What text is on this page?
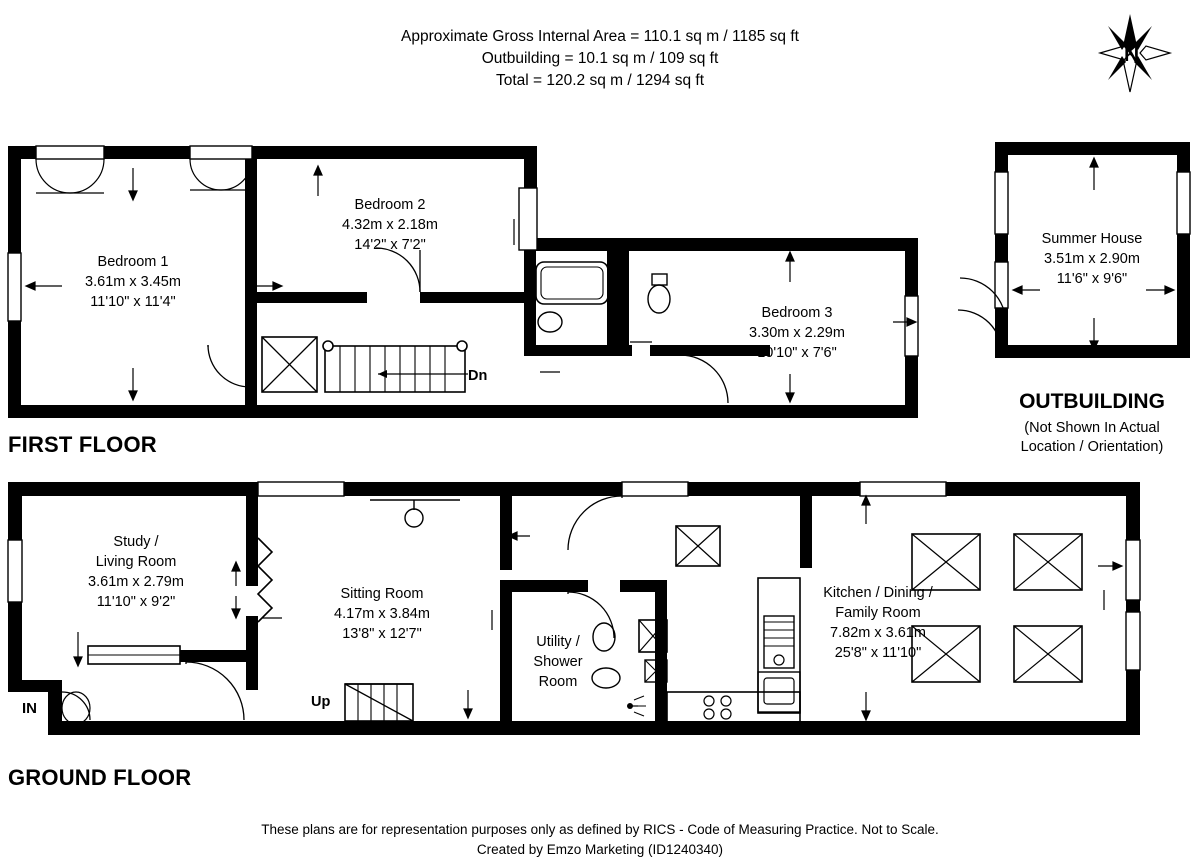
Approximate Gross Internal Area = 110.1 sq m / 1185 sq ft
Outbuilding = 10.1 sq m / 109 sq ft
Total = 120.2 sq m / 1294 sq ft
N
Bedroom 1
3.61m x 3.45m
11'10" x 11'4"
Bedroom 2
4.32m x 2.18m
14'2" x 7'2"
Bedroom 3
3.30m x 2.29m
10'10" x 7'6"
Dn
FIRST FLOOR
Summer House
3.51m x 2.90m
11'6" x 9'6"
OUTBUILDING
(Not Shown In Actual
Location / Orientation)
Study /
Living Room
3.61m x 2.79m
11'10" x 9'2"	Sitting Room
4.17m x 3.84m
13'8" x 12'7"	Utility /
Shower
Room
Kitchen / Dining /
Family Room
7.82m x 3.61m
25'8" x 11'10"
Up
IN
GROUND FLOOR
These plans are for representation purposes only as defined by RICS - Code of Measuring Practice. Not to Scale.
Created by Emzo Marketing (ID1240340)
